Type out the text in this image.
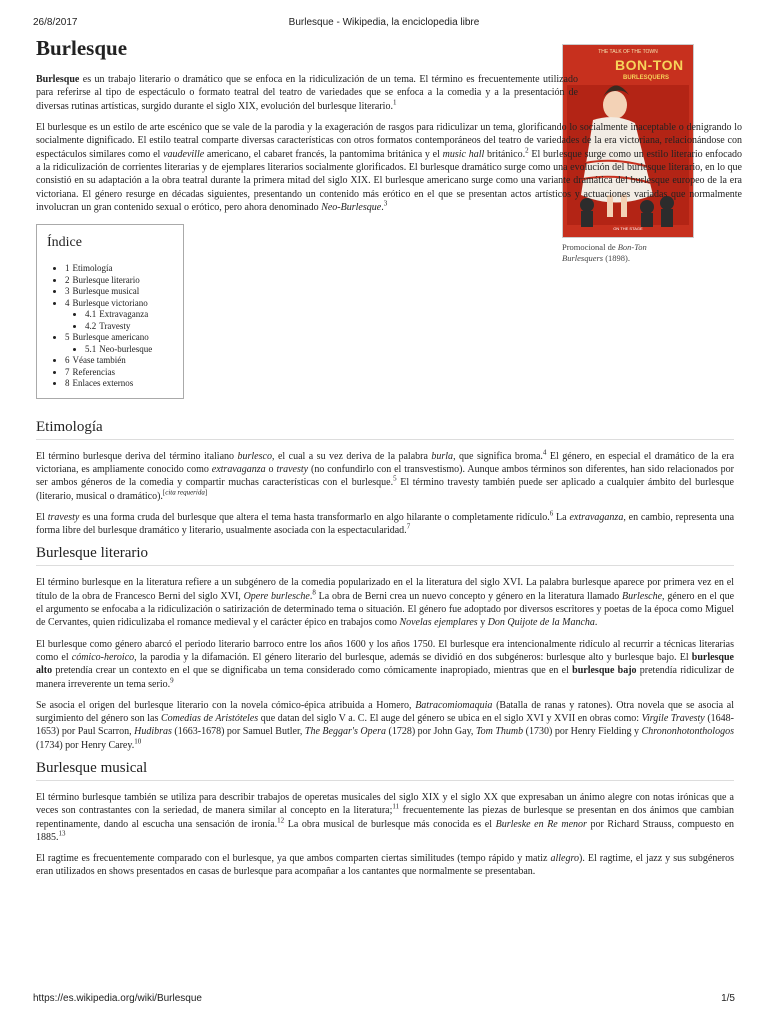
26/8/2017	Burlesque - Wikipedia, la enciclopedia libre
THE TALK OF THE TOWN
BON-TON
BURLESQUERS
ON THE STAGE
Promocional de Bon-Ton Burlesquers (1898).
Burlesque

Burlesque es un trabajo literario o dramático que se enfoca en la ridiculización de un tema. El término es frecuentemente utilizado para referirse al tipo de espectáculo o formato teatral del teatro de variedades que se enfoca a la comedia y a la presentación de diversas rutinas artísticas, surgido durante el siglo XIX, evolución del burlesque literario.$^1$

El burlesque es un estilo de arte escénico que se vale de la parodia y la exageración de rasgos para ridiculizar un tema, glorificando lo socialmente inaceptable o denigrando lo socialmente dignificado. El estilo teatral comparte diversas características con otros formatos contemporáneos del teatro de variedades de la era victoriana, relacionándose con espectáculos similares como el vaudeville americano, el cabaret francés, la pantomima británica y el music hall británico.$^2$ El burlesque surge como un estilo literario enfocado a la ridiculización de corrientes literarias y de ejemplares literarios socialmente glorificados. El burlesque dramático surge como una evolución del burlesque literario, en lo que consistió en su adaptación a la obra teatral durante la primera mitad del siglo XIX. El burlesque americano surge como una variante dramática del burlesque europeo de la era victoriana. El género resurge en décadas siguientes, presentando un contenido más erótico en el que se presentan actos artísticos y actuaciones variadas que normalmente involucran un gran contenido sexual o erótico, pero ahora denominado Neo-Burlesque.$^3$

Índice
• 1 Etimología
• 2 Burlesque literario
• 3 Burlesque musical
• 4 Burlesque victoriano
• 4.1 Extravaganza
• 4.2 Travesty
• 5 Burlesque americano
• 5.1 Neo-burlesque
• 6 Véase también
• 7 Referencias
• 8 Enlaces externos
Etimología

El término burlesque deriva del término italiano burlesco, el cual a su vez deriva de la palabra burla, que significa broma.$^4$ El género, en especial el dramático de la era victoriana, es ampliamente conocido como extravaganza o travesty (no confundirlo con el transvestismo). Aunque ambos términos son diferentes, han sido relacionados por ser ambos géneros de la comedia y compartir muchas características con el burlesque.$^5$ El término travesty también puede ser aplicado a cualquier ámbito del burlesque (literario, musical o dramático).[cita requerida]

El travesty es una forma cruda del burlesque que altera el tema hasta transformarlo en algo hilarante o completamente ridículo.$^6$ La extravaganza, en cambio, representa una forma libre del burlesque dramático y literario, usualmente asociada con la espectacularidad.$^7$

Burlesque literario

El término burlesque en la literatura refiere a un subgénero de la comedia popularizado en el la literatura del siglo XVI. La palabra burlesque aparece por primera vez en el título de la obra de Francesco Berni del siglo XVI, Opere burlesche.$^8$ La obra de Berni crea un nuevo concepto y género en la literatura llamado Burlesche, género en el que el argumento se enfocaba a la ridiculización o satirización de determinado tema o situación. El género fue adoptado por diversos escritores y poetas de la época como Miguel de Cervantes, quien ridiculizaba el romance medieval y el carácter épico en trabajos como Novelas ejemplares y Don Quijote de la Mancha.

El burlesque como género abarcó el periodo literario barroco entre los años 1600 y los años 1750. El burlesque era intencionalmente ridículo al recurrir a técnicas literarias como el cómico-heroico, la parodia y la difamación. El género literario del burlesque, además se dividió en dos subgéneros: burlesque alto y burlesque bajo. El burlesque alto pretendía crear un contexto en el que se dignificaba un tema considerado como cómicamente inapropiado, mientras que en el burlesque bajo pretendía ridiculizar de manera irreverente un tema serio.$^9$

Se asocia el origen del burlesque literario con la novela cómico-épica atribuida a Homero, Batracomiomaquia (Batalla de ranas y ratones). Otra novela que se asocia al surgimiento del género son las Comedias de Aristóteles que datan del siglo V a. C. El auge del género se ubica en el siglo XVI y XVII en obras como: Virgile Travesty (1648-1653) por Paul Scarron, Hudibras (1663-1678) por Samuel Butler, The Beggar's Opera (1728) por John Gay, Tom Thumb (1730) por Henry Fielding y Chrononhotonthologos (1734) por Henry Carey.$^{10}$

Burlesque musical

El término burlesque también se utiliza para describir trabajos de operetas musicales del siglo XIX y el siglo XX que expresaban un ánimo alegre con notas irónicas que a veces son contrastantes con la seriedad, de manera similar al concepto en la literatura;$^{11}$ frecuentemente las piezas de burlesque se presentan en dos ánimos que cambian repentinamente, dando al escucha una sensación de ironía.$^{12}$ La obra musical de burlesque más conocida es el Burleske en Re menor por Richard Strauss, compuesto en 1885.13

El ragtime es frecuentemente comparado con el burlesque, ya que ambos comparten ciertas similitudes (tempo rápido y matiz allegro). El ragtime, el jazz y sus subgéneros eran utilizados en shows presentados en casas de burlesque para acompañar a los cantantes que normalmente se presentaban.

https://es.wikipedia.org/wiki/Burlesque	1/5
